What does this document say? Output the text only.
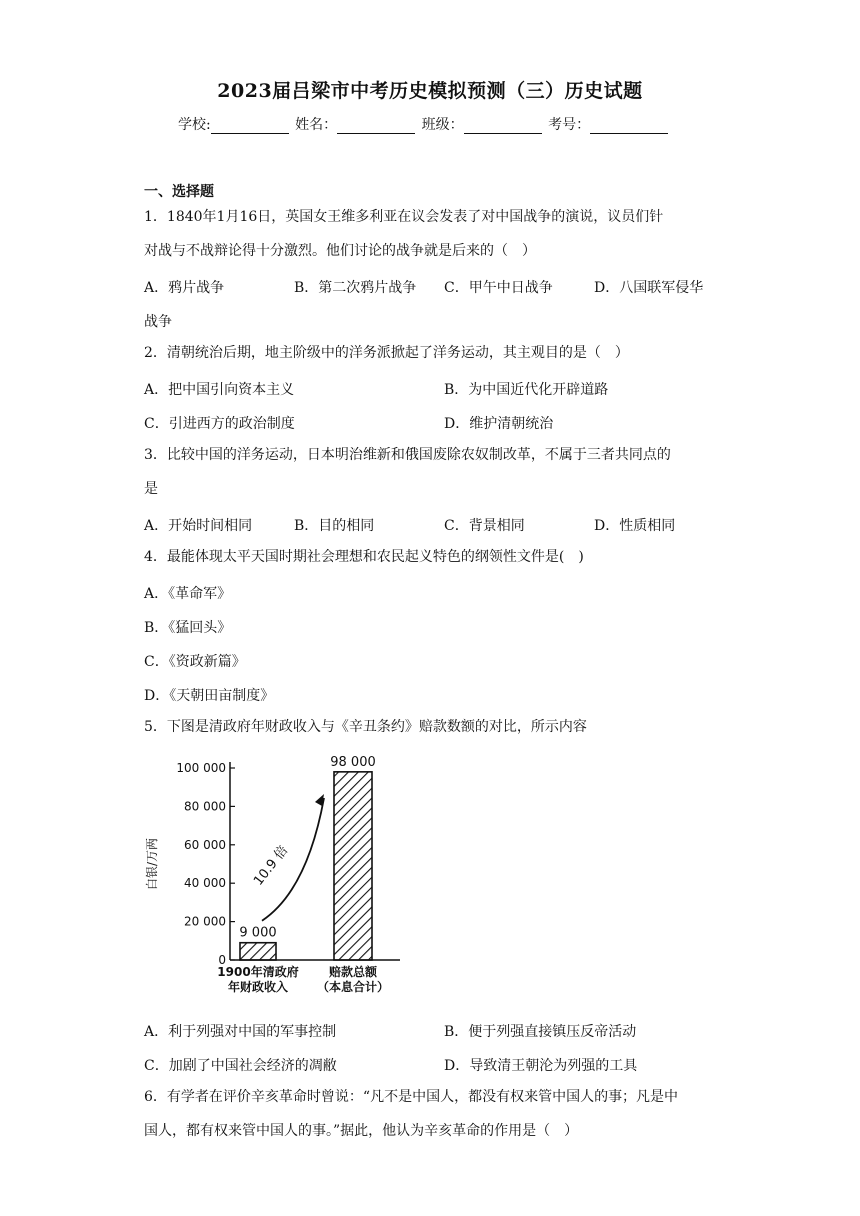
2023届吕梁市中考历史模拟预测（三）历史试题
学校:	姓名：	班级：	考号：
一、选择题
1．1840年1月16日，英国女王维多利亚在议会发表了对中国战争的演说，议员们针
对战与不战辩论得十分激烈。他们讨论的战争就是后来的（　）
A．鸦片战争	B．第二次鸦片战争 C．甲午中日战争	D．八国联军侵华
战争
2．清朝统治后期，地主阶级中的洋务派掀起了洋务运动，其主观目的是（　）
A．把中国引向资本主义	B．为中国近代化开辟道路
C．引进西方的政治制度	D．维护清朝统治
3．比较中国的洋务运动，日本明治维新和俄国废除农奴制改革，不属于三者共同点的
是
A．开始时间相同	B．目的相同	C．背景相同	D．性质相同
4．最能体现太平天国时期社会理想和农民起义特色的纲领性文件是(　)
A．《革命军》
B．《猛回头》
C．《资政新篇》
D．《天朝田亩制度》
5．下图是清政府年财政收入与《辛丑条约》赔款数额的对比，所示内容
0
20 000
40 000
60 000
80 000
100 000
白银/万两
9 000
1900年清政府
年财政收入
98 000
赔款总额
（本息合计）
10.9 倍
A．利于列强对中国的军事控制	B．便于列强直接镇压反帝活动
C．加剧了中国社会经济的凋敝	D．导致清王朝沦为列强的工具
6．有学者在评价辛亥革命时曾说：“凡不是中国人，都没有权来管中国人的事；凡是中
国人，都有权来管中国人的事。”据此，他认为辛亥革命的作用是（　）
